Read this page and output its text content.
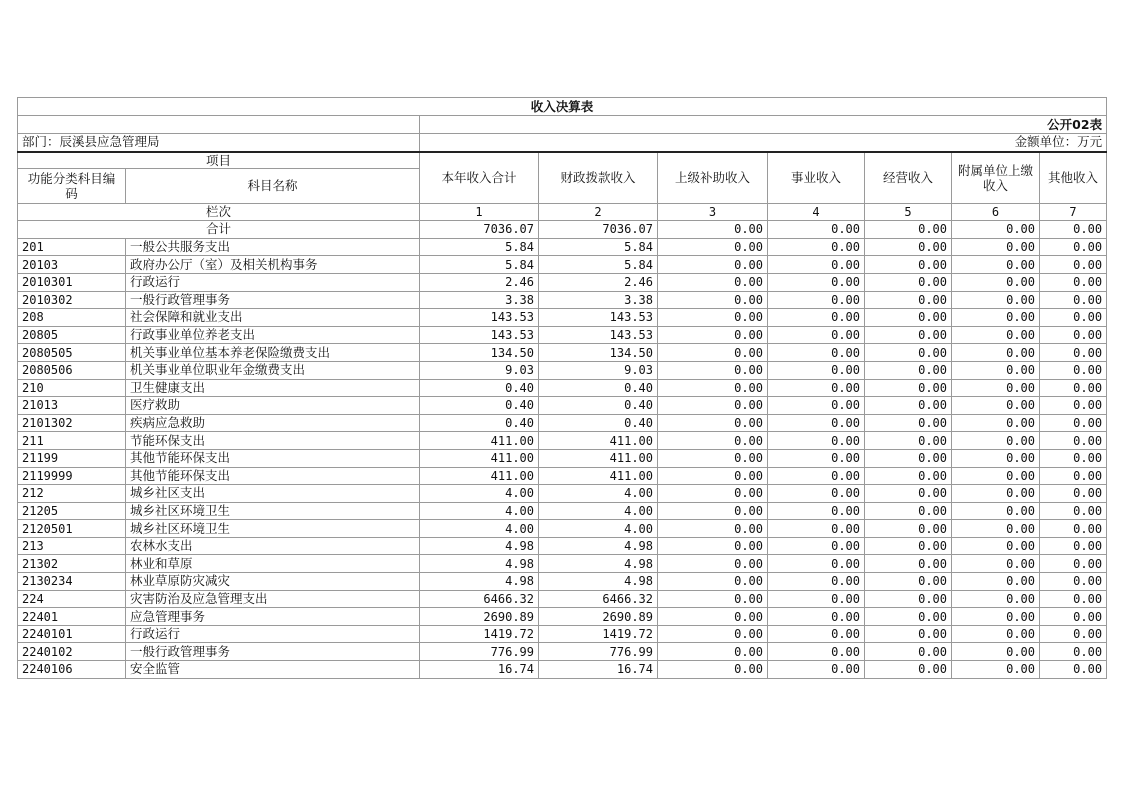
收入决算表								
		公开02表						
部门：辰溪县应急管理局		金额单位：万元						
项目		本年收入合计	财政拨款收入	上级补助收入	事业收入	经营收入	附属单位上缴收入	其他收入
功能分类科目编码	科目名称							
栏次		1	2	3	4	5	6	7
合计		7036.07	7036.07	0.00	0.00	0.00	0.00	0.00
201	一般公共服务支出	5.84	5.84	0.00	0.00	0.00	0.00	0.00
20103	政府办公厅（室）及相关机构事务	5.84	5.84	0.00	0.00	0.00	0.00	0.00
2010301	行政运行	2.46	2.46	0.00	0.00	0.00	0.00	0.00
2010302	一般行政管理事务	3.38	3.38	0.00	0.00	0.00	0.00	0.00
208	社会保障和就业支出	143.53	143.53	0.00	0.00	0.00	0.00	0.00
20805	行政事业单位养老支出	143.53	143.53	0.00	0.00	0.00	0.00	0.00
2080505	机关事业单位基本养老保险缴费支出	134.50	134.50	0.00	0.00	0.00	0.00	0.00
2080506	机关事业单位职业年金缴费支出	9.03	9.03	0.00	0.00	0.00	0.00	0.00
210	卫生健康支出	0.40	0.40	0.00	0.00	0.00	0.00	0.00
21013	医疗救助	0.40	0.40	0.00	0.00	0.00	0.00	0.00
2101302	疾病应急救助	0.40	0.40	0.00	0.00	0.00	0.00	0.00
211	节能环保支出	411.00	411.00	0.00	0.00	0.00	0.00	0.00
21199	其他节能环保支出	411.00	411.00	0.00	0.00	0.00	0.00	0.00
2119999	其他节能环保支出	411.00	411.00	0.00	0.00	0.00	0.00	0.00
212	城乡社区支出	4.00	4.00	0.00	0.00	0.00	0.00	0.00
21205	城乡社区环境卫生	4.00	4.00	0.00	0.00	0.00	0.00	0.00
2120501	城乡社区环境卫生	4.00	4.00	0.00	0.00	0.00	0.00	0.00
213	农林水支出	4.98	4.98	0.00	0.00	0.00	0.00	0.00
21302	林业和草原	4.98	4.98	0.00	0.00	0.00	0.00	0.00
2130234	林业草原防灾减灾	4.98	4.98	0.00	0.00	0.00	0.00	0.00
224	灾害防治及应急管理支出	6466.32	6466.32	0.00	0.00	0.00	0.00	0.00
22401	应急管理事务	2690.89	2690.89	0.00	0.00	0.00	0.00	0.00
2240101	行政运行	1419.72	1419.72	0.00	0.00	0.00	0.00	0.00
2240102	一般行政管理事务	776.99	776.99	0.00	0.00	0.00	0.00	0.00
2240106	安全监管	16.74	16.74	0.00	0.00	0.00	0.00	0.00
